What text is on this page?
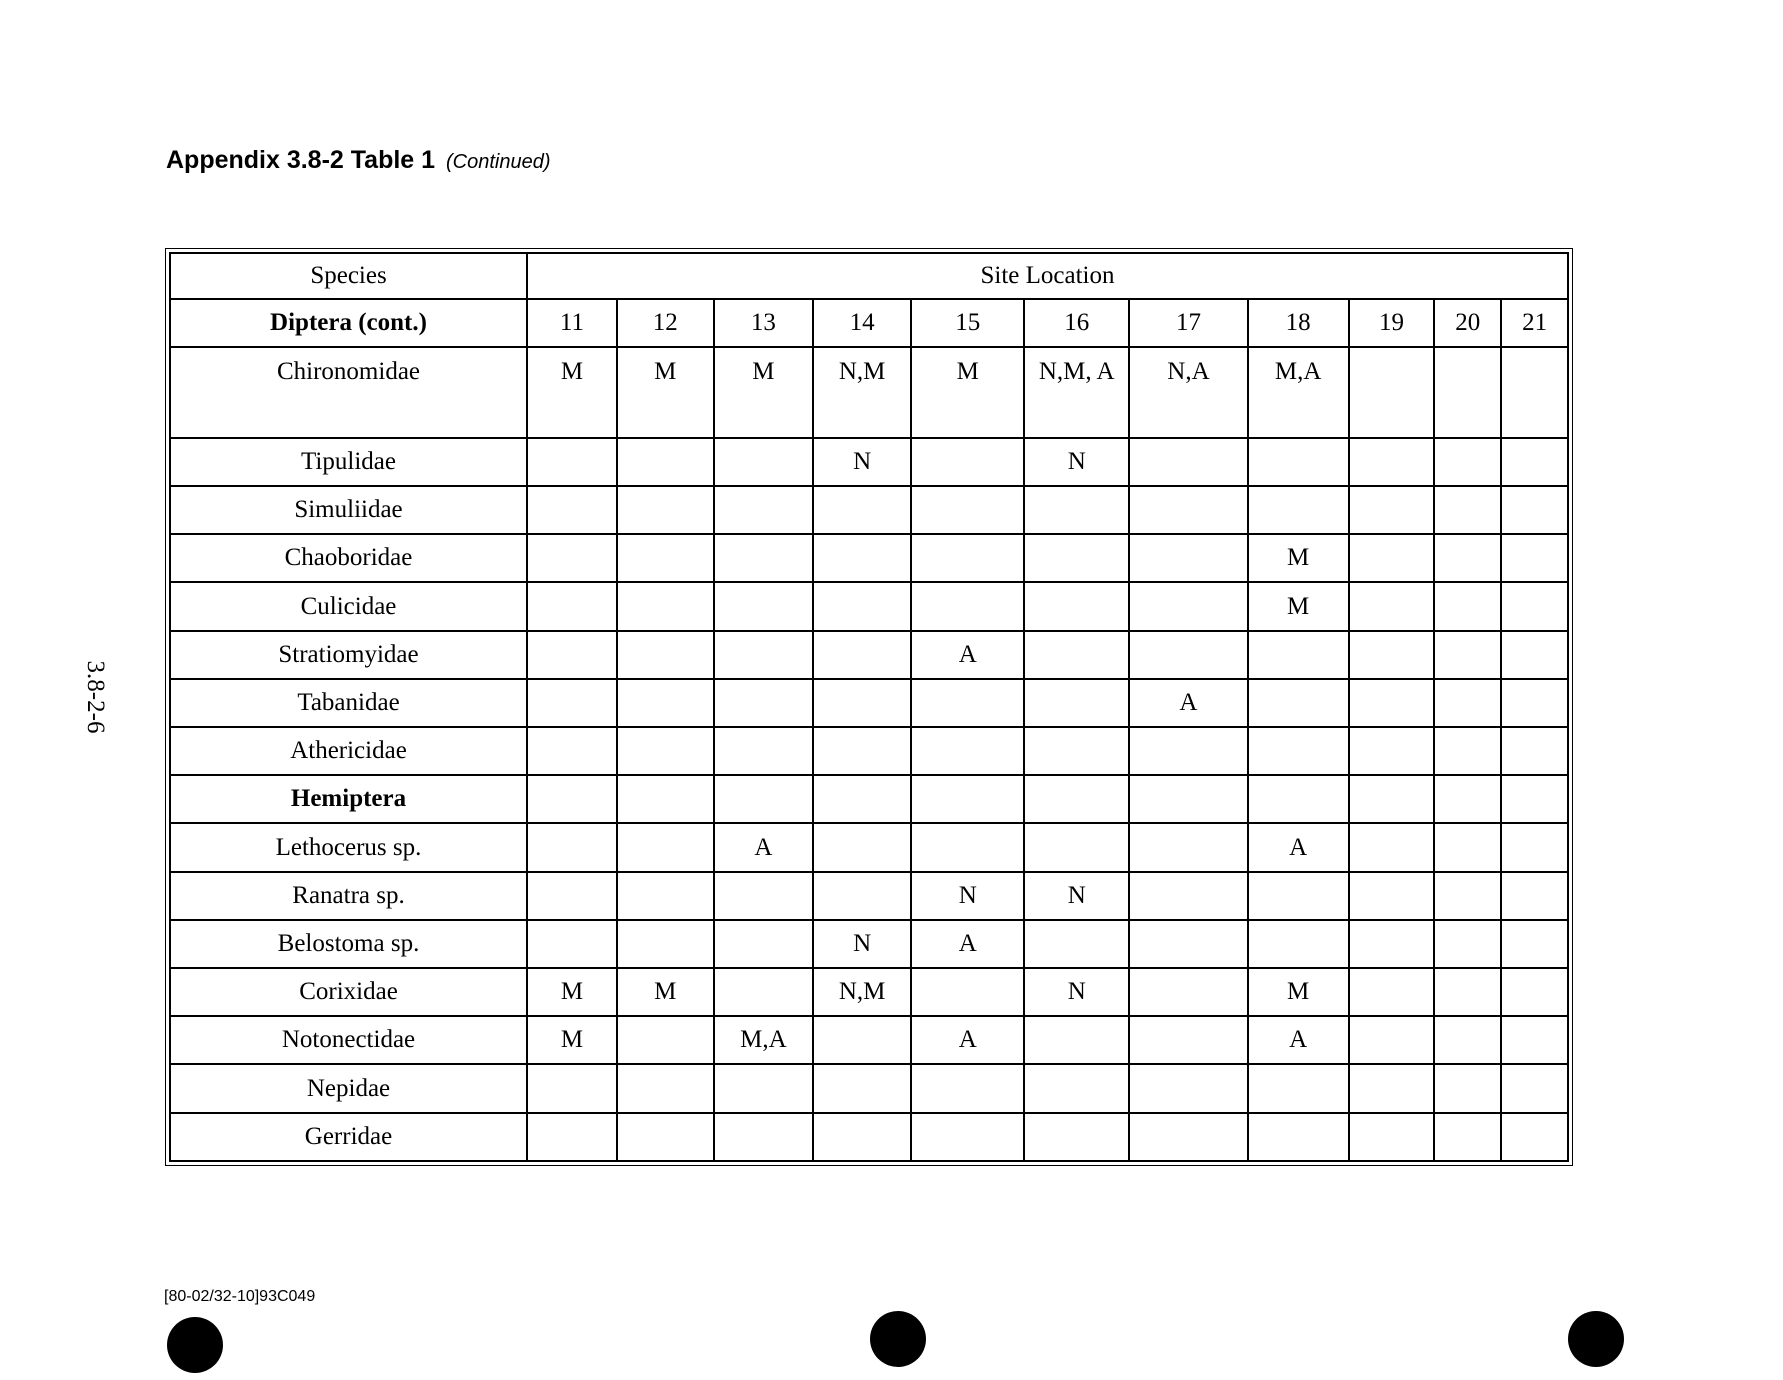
Appendix 3.8-2 Table 1 (Continued)
3.8-2-6
Species	Site Location										
Diptera (cont.)	11	12	13	14	15	16	17	18	19	20	21
Chironomidae	M	M	M	N,M	M	N,M, A	N,A	M,A			
Tipulidae				N		N					
Simuliidae											
Chaoboridae								M			
Culicidae								M			
Stratiomyidae					A						
Tabanidae							A				
Athericidae											
Hemiptera											
Lethocerus sp.			A					A			
Ranatra sp.					N	N					
Belostoma sp.				N	A						
Corixidae	M	M		N,M		N		M			
Notonectidae	M		M,A		A			A			
Nepidae											
Gerridae											
[80-02/32-10]93C049
